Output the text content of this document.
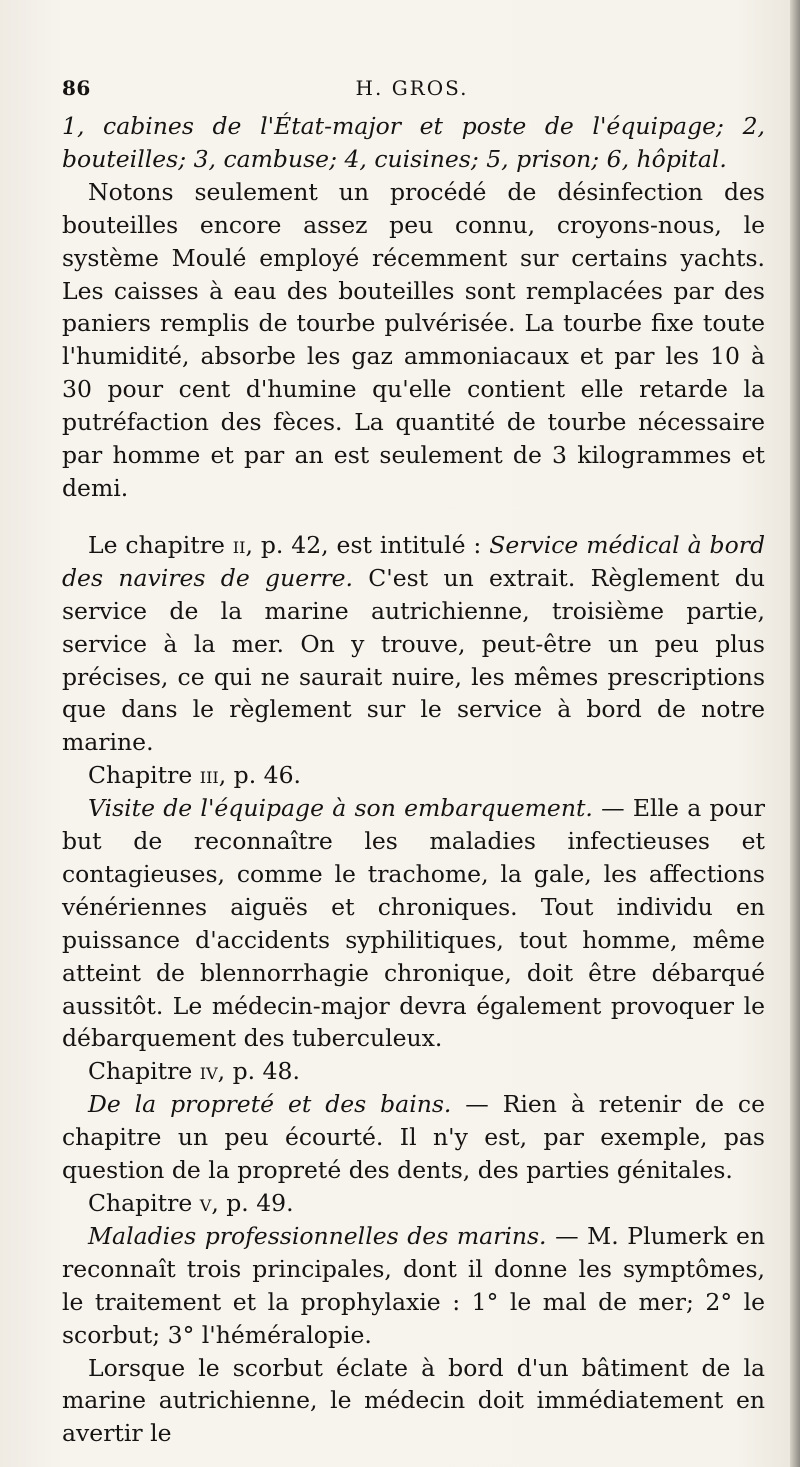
86	H. GROS.

1, cabines de l'État-major et poste de l'équipage; 2, bouteilles; 3, cambuse; 4, cuisines; 5, prison; 6, hôpital.

Notons seulement un procédé de désinfection des bouteilles encore assez peu connu, croyons-nous, le système Moulé employé récemment sur certains yachts. Les caisses à eau des bouteilles sont remplacées par des paniers remplis de tourbe pulvérisée. La tourbe fixe toute l'humidité, absorbe les gaz ammoniacaux et par les 10 à 30 pour cent d'humine qu'elle contient elle retarde la putréfaction des fèces. La quantité de tourbe nécessaire par homme et par an est seulement de 3 kilogrammes et demi.

Le chapitre ii, p. 42, est intitulé : Service médical à bord des navires de guerre. C'est un extrait. Règlement du service de la marine autrichienne, troisième partie, service à la mer. On y trouve, peut-être un peu plus précises, ce qui ne saurait nuire, les mêmes prescriptions que dans le règlement sur le service à bord de notre marine.

Chapitre iii, p. 46.

Visite de l'équipage à son embarquement. — Elle a pour but de reconnaître les maladies infectieuses et contagieuses, comme le trachome, la gale, les affections vénériennes aiguës et chroniques. Tout individu en puissance d'accidents syphilitiques, tout homme, même atteint de blennorrhagie chronique, doit être débarqué aussitôt. Le médecin-major devra également provoquer le débarquement des tuberculeux.

Chapitre iv, p. 48.

De la propreté et des bains. — Rien à retenir de ce chapitre un peu écourté. Il n'y est, par exemple, pas question de la propreté des dents, des parties génitales.

Chapitre v, p. 49.

Maladies professionnelles des marins. — M. Plumerk en reconnaît trois principales, dont il donne les symptômes, le traitement et la prophylaxie : 1° le mal de mer; 2° le scorbut; 3° l'héméralopie.

Lorsque le scorbut éclate à bord d'un bâtiment de la marine autrichienne, le médecin doit immédiatement en avertir le
